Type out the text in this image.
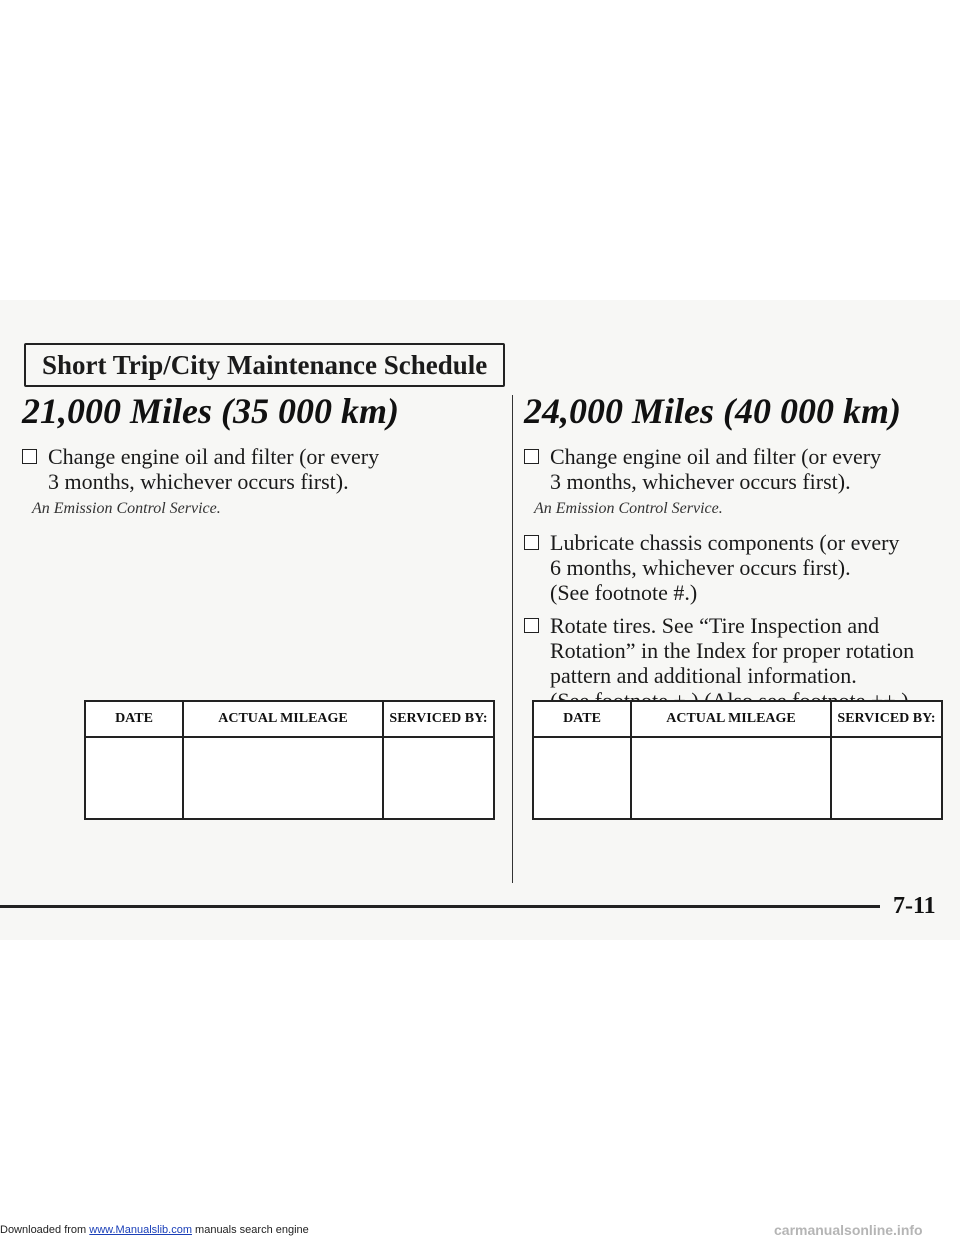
Short Trip/City Maintenance Schedule
21,000 Miles (35 000 km)
Change engine oil and filter (or every
3 months, whichever occurs first).
An Emission Control Service.
24,000 Miles (40 000 km)
Change engine oil and filter (or every
3 months, whichever occurs first).
An Emission Control Service.
Lubricate chassis components (or every
6 months, whichever occurs first).
(See footnote #.)
Rotate tires. See “Tire Inspection and
Rotation” in the Index for proper rotation
pattern and additional information.
DATE	ACTUAL MILEAGE	SERVICED BY:
			DATE	ACTUAL MILEAGE	SERVICED BY:

7-11
Downloaded from www.Manualslib.com manuals search engine	carmanualsonline.info
